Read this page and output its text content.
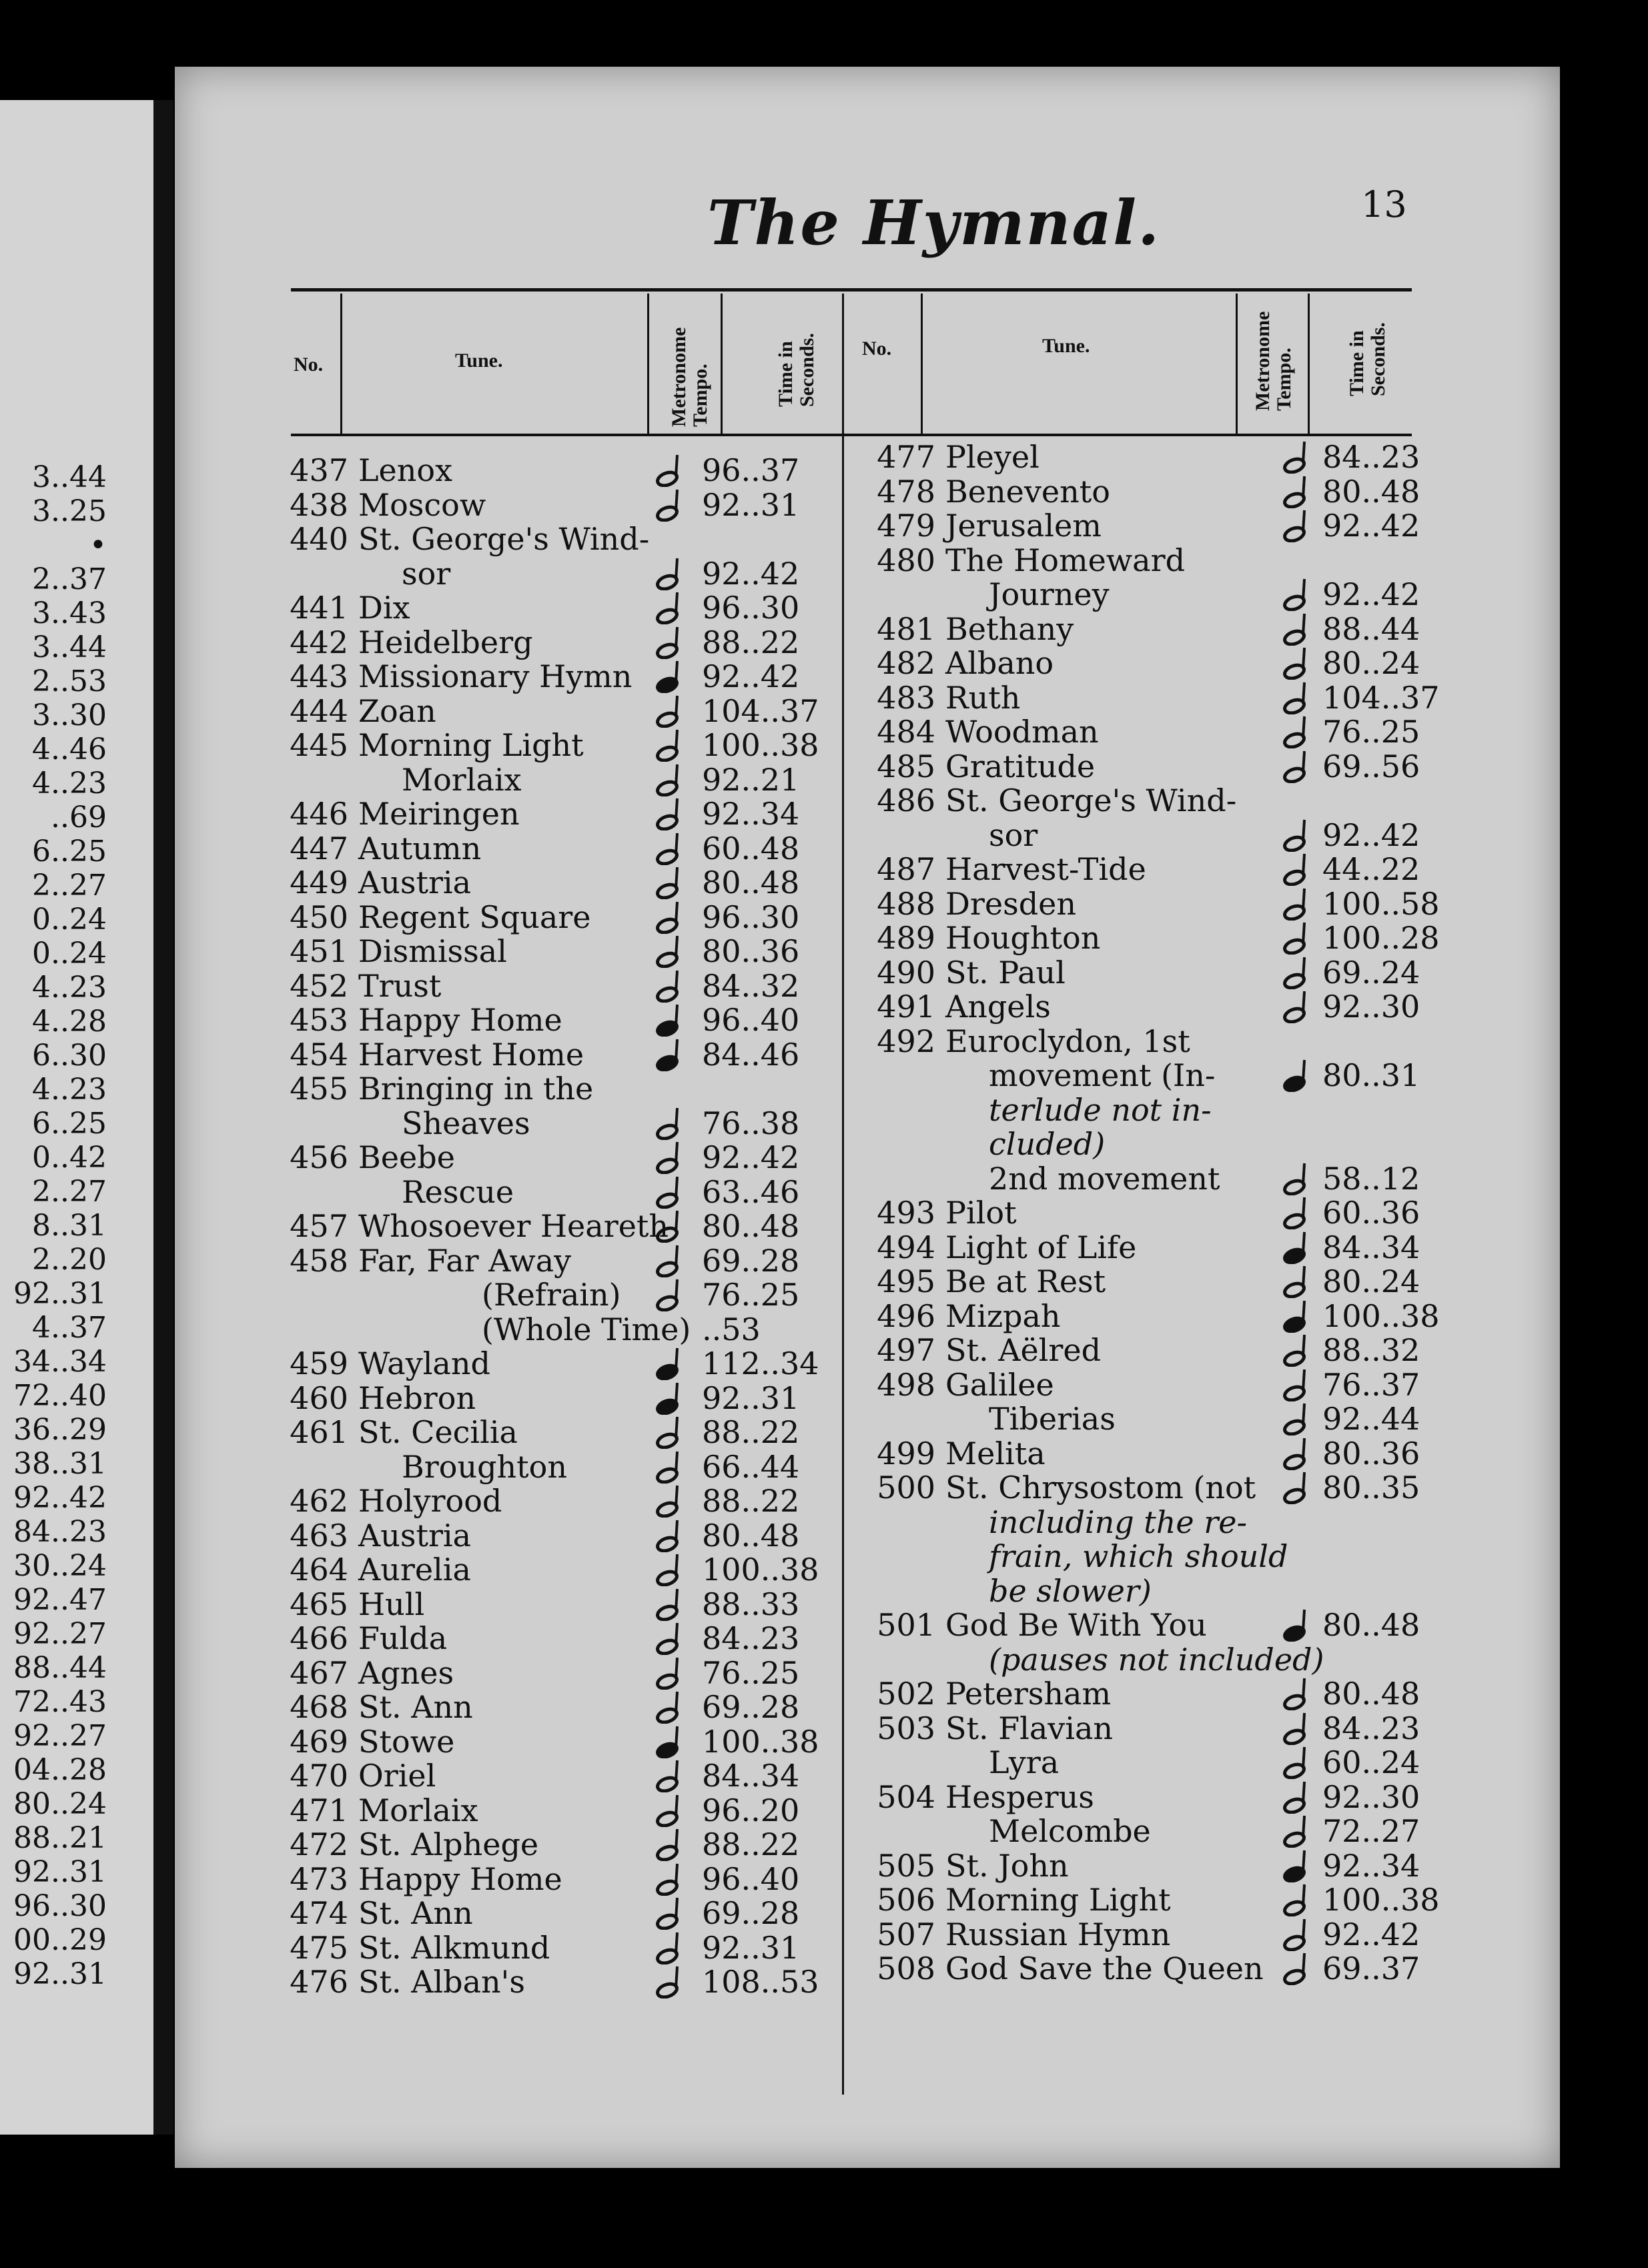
3..44
3..25
•
2..37
3..43
3..44
2..53
3..30
4..46
4..23
..69
6..25
2..27
0..24
0..24
4..23
4..28
6..30
4..23
6..25
0..42
2..27
8..31
2..20
92..31
4..37
34..34
72..40
36..29
38..31
92..42
84..23
30..24
92..47
92..27
88..44
72..43
92..27
04..28
80..24
88..21
92..31
96..30
00..29
92..31
The Hymnal.	13
No.	Tune.	Metronome Tempo.	Time in Seconds. No.	Tune.	Metronome Tempo.	Time in Seconds.
437 Lenox	96..37
438 Moscow	92..31
440 St. George's Wind-
sor	92..42
441 Dix	96..30
442 Heidelberg	88..22
443 Missionary Hymn 92..42
444 Zoan	104..37
445 Morning Light	100..38
Morlaix	92..21
446 Meiringen	92..34
447 Autumn	60..48
449 Austria	80..48
450 Regent Square	96..30
451 Dismissal	80..36
452 Trust	84..32
453 Happy Home	96..40
454 Harvest Home	84..46
455 Bringing in the
Sheaves	76..38
456 Beebe	92..42
Rescue	63..46
457 Whosoever Heareth 80..48
458 Far, Far Away	69..28
(Refrain)	76..25
(Whole Time) ..53
459 Wayland	112..34
460 Hebron	92..31
461 St. Cecilia	88..22
Broughton	66..44
462 Holyrood	88..22
463 Austria	80..48
464 Aurelia	100..38
465 Hull	88..33
466 Fulda	84..23
467 Agnes	76..25
468 St. Ann	69..28
469 Stowe	100..38
470 Oriel	84..34
471 Morlaix	96..20
472 St. Alphege	88..22
473 Happy Home	96..40
474 St. Ann	69..28
475 St. Alkmund	92..31
476 St. Alban's	108..53
477 Pleyel	84..23
478 Benevento	80..48
479 Jerusalem	92..42
480 The Homeward
Journey	92..42
481 Bethany	88..44
482 Albano	80..24
483 Ruth	104..37
484 Woodman	76..25
485 Gratitude	69..56
486 St. George's Wind-
sor	92..42
487 Harvest-Tide	44..22
488 Dresden	100..58
489 Houghton	100..28
490 St. Paul	69..24
491 Angels	92..30
492 Euroclydon, 1st
movement (In-	80..31
terlude not in-
cluded)
2nd movement	58..12
493 Pilot	60..36
494 Light of Life	84..34
495 Be at Rest	80..24
496 Mizpah	100..38
497 St. Aëlred	88..32
498 Galilee	76..37
Tiberias	92..44
499 Melita	80..36
500 St. Chrysostom (not 80..35
including the re-
frain, which should
be slower)
501 God Be With You	80..48
(pauses not included)
502 Petersham	80..48
503 St. Flavian	84..23
Lyra	60..24
504 Hesperus	92..30
Melcombe	72..27
505 St. John	92..34
506 Morning Light	100..38
507 Russian Hymn	92..42
508 God Save the Queen 69..37
